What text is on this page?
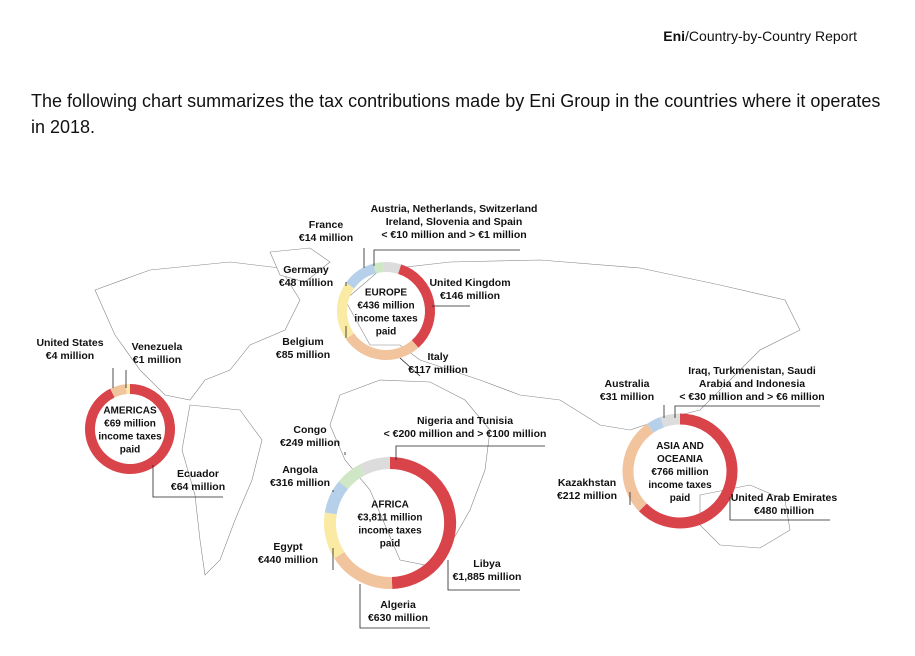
Eni/Country-by-Country Report
The following chart summarizes the tax contributions made by Eni Group in the countries where it operates in 2018.
EUROPE
€436 million
income taxes
paid
AMERICAS
€69 million
income taxes
paid
AFRICA
€3,811 million
income taxes
paid
ASIA AND
OCEANIA
€766 million
income taxes
paid
United Kingdom
€146 million
Italy
€117 million
Belgium
€85 million
Germany
€48 million
France
€14 million
Austria, Netherlands, Switzerland
Ireland, Slovenia and Spain
< €10 million and > €1 million
Ecuador
€64 million
United States
€4 million
Venezuela
€1 million
Libya
€1,885 million
Algeria
€630 million
Egypt
€440 million
Angola
€316 million
Congo
€249 million
Nigeria and Tunisia
< €200 million and > €100 million
United Arab Emirates
€480 million
Kazakhstan
€212 million
Australia
€31 million
Iraq, Turkmenistan, Saudi
Arabia and Indonesia
< €30 million and > €6 million
